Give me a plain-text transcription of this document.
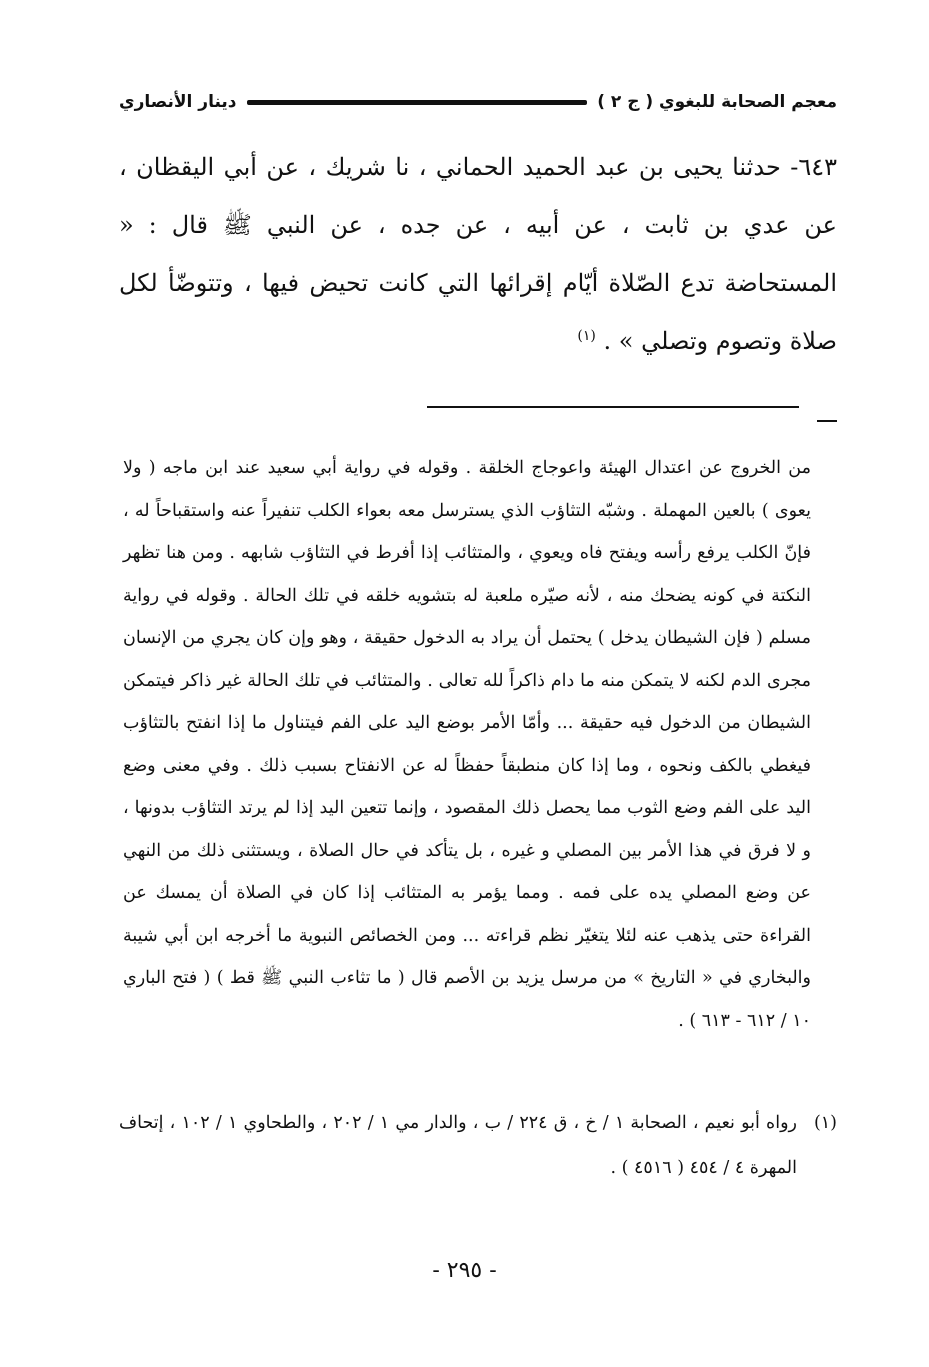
معجم الصحابة للبغوي ( ج ٢ )
دينار الأنصاري

٦٤٣- حدثنا يحيى بن عبد الحميد الحماني ، نا شريك ، عن أبي اليقظان ، عن عدي بن ثابت ، عن أبيه ، عن جده ، عن النبي ﷺ قال : « المستحاضة تدع الصّلاة أيّام إقرائها التي كانت تحيض فيها ، وتتوضّأ لكل صلاة وتصوم وتصلي » . $^{(١)}$

من الخروج عن اعتدال الهيئة واعوجاج الخلقة . وقوله في رواية أبي سعيد عند ابن ماجه ( ولا يعوى ) بالعين المهملة . وشبّه التثاؤب الذي يسترسل معه بعواء الكلب تنفيراً عنه واستقباحاً له ، فإنّ الكلب يرفع رأسه ويفتح فاه ويعوي ، والمتثائب إذا أفرط في التثاؤب شابهه . ومن هنا تظهر النكتة في كونه يضحك منه ، لأنه صيّره ملعبة له بتشويه خلقه في تلك الحالة . وقوله في رواية مسلم ( فإن الشيطان يدخل ) يحتمل أن يراد به الدخول حقيقة ، وهو وإن كان يجري من الإنسان مجرى الدم لكنه لا يتمكن منه ما دام ذاكراً لله تعالى . والمتثائب في تلك الحالة غير ذاكر فيتمكن الشيطان من الدخول فيه حقيقة ... وأمّا الأمر بوضع اليد على الفم فيتناول ما إذا انفتح بالتثاؤب فيغطي بالكف ونحوه ، وما إذا كان منطبقاً حفظاً له عن الانفتاح بسبب ذلك . وفي معنى وضع اليد على الفم وضع الثوب مما يحصل ذلك المقصود ، وإنما تتعين اليد إذا لم يرتد التثاؤب بدونها ، و لا فرق في هذا الأمر بين المصلي و غيره ، بل يتأكد في حال الصلاة ، ويستثنى ذلك من النهي عن وضع المصلي يده على فمه . ومما يؤمر به المتثائب إذا كان في الصلاة أن يمسك عن القراءة حتى يذهب عنه لئلا يتغيّر نظم قراءته ... ومن الخصائص النبوية ما أخرجه ابن أبي شيبة والبخاري في « التاريخ » من مرسل يزيد بن الأصم قال ( ما تثاءب النبي ﷺ قط ) ( فتح الباري ١٠ / ٦١٢ - ٦١٣ ) .

(١)
رواه أبو نعيم ، الصحابة ١ / خ ، ق ٢٢٤ / ب ، والدار مي ١ / ٢٠٢ ، والطحاوي ١ / ١٠٢ ، إتحاف المهرة ٤ / ٤٥٤ ( ٤٥١٦ ) .
- ٢٩٥ -
